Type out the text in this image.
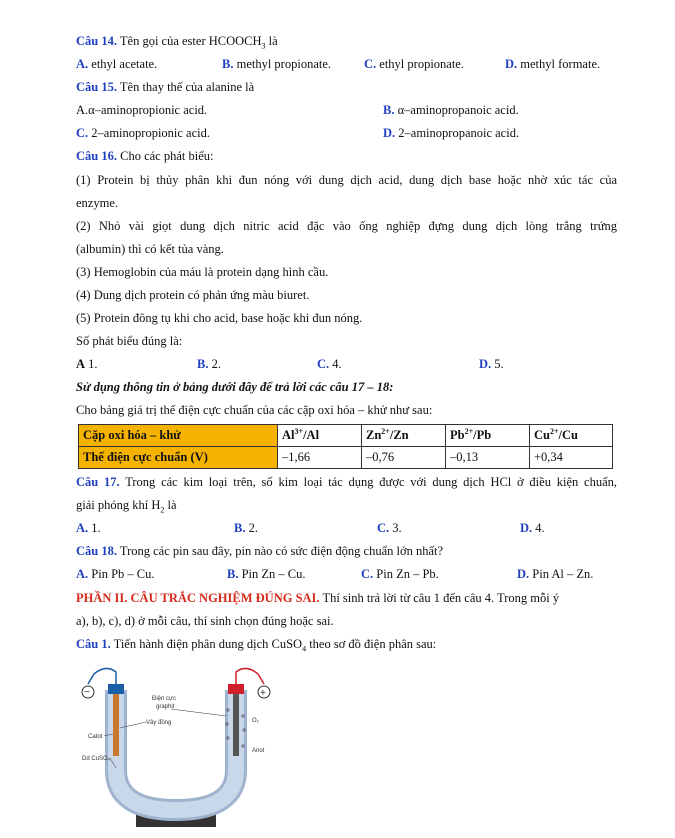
Câu 14. Tên gọi của ester $HCOOCH_3$ là
A. ethyl acetate.	B. methyl propionate.	C. ethyl propionate.	D. methyl formate.
Câu 15. Tên thay thế của alanine là
A.α–aminopropionic acid.	B. α–aminopropanoic acid.
C. 2–aminopropionic acid.	D. 2–aminopropanoic acid.
Câu 16. Cho các phát biểu:
(1) Protein bị thủy phân khi đun nóng với dung dịch acid, dung dịch base hoặc nhờ xúc tác của
enzyme.
(2) Nhỏ vài giọt dung dịch nitric acid đặc vào ống nghiệp đựng dung dịch lòng trắng trứng
(albumin) thì có kết tủa vàng.
(3) Hemoglobin của máu là protein dạng hình cầu.
(4) Dung dịch protein có phản ứng màu biuret.
(5) Protein đông tụ khi cho acid, base hoặc khi đun nóng.
Số phát biểu đúng là:
A 1.	B. 2.	C. 4.	D. 5.
Sử dụng thông tin ở bảng dưới đây để trả lời các câu 17 – 18:
Cho bảng giá trị thế điện cực chuẩn của các cặp oxi hóa – khử như sau:
Cặp oxi hóa – khử	$Al^{3+}/Al$	$Zn^{2+}/Zn$	$Pb^{2+}/Pb$	$Cu^{2+}/Cu$
Thế điện cực chuẩn (V)	–1,66	–0,76	–0,13	+0,34
Câu 17. Trong các kim loại trên, số kim loại tác dụng được với dung dịch HCl ở điều kiện chuẩn,
giải phóng khí $H_2$ là
A. 1.	B. 2.	C. 3.	D. 4.
Câu 18. Trong các pin sau đây, pin nào có sức điện động chuẩn lớn nhất?
A. Pin Pb – Cu.	B. Pin Zn – Cu.	C. Pin Zn – Pb.	D. Pin Al – Zn.
PHẦN II. CÂU TRẮC NGHIỆM ĐÚNG SAI. Thí sinh trả lời từ câu 1 đến câu 4. Trong mỗi ý
a), b), c), d) ở mỗi câu, thí sinh chọn đúng hoặc sai.
Câu 1. Tiến hành điện phân dung dịch CuSO$_4$ theo sơ đồ điện phân sau:
−	+
Điện cực
graphit
Vây đồng	O₂
Catot
Anot
Dd CuSO₄
